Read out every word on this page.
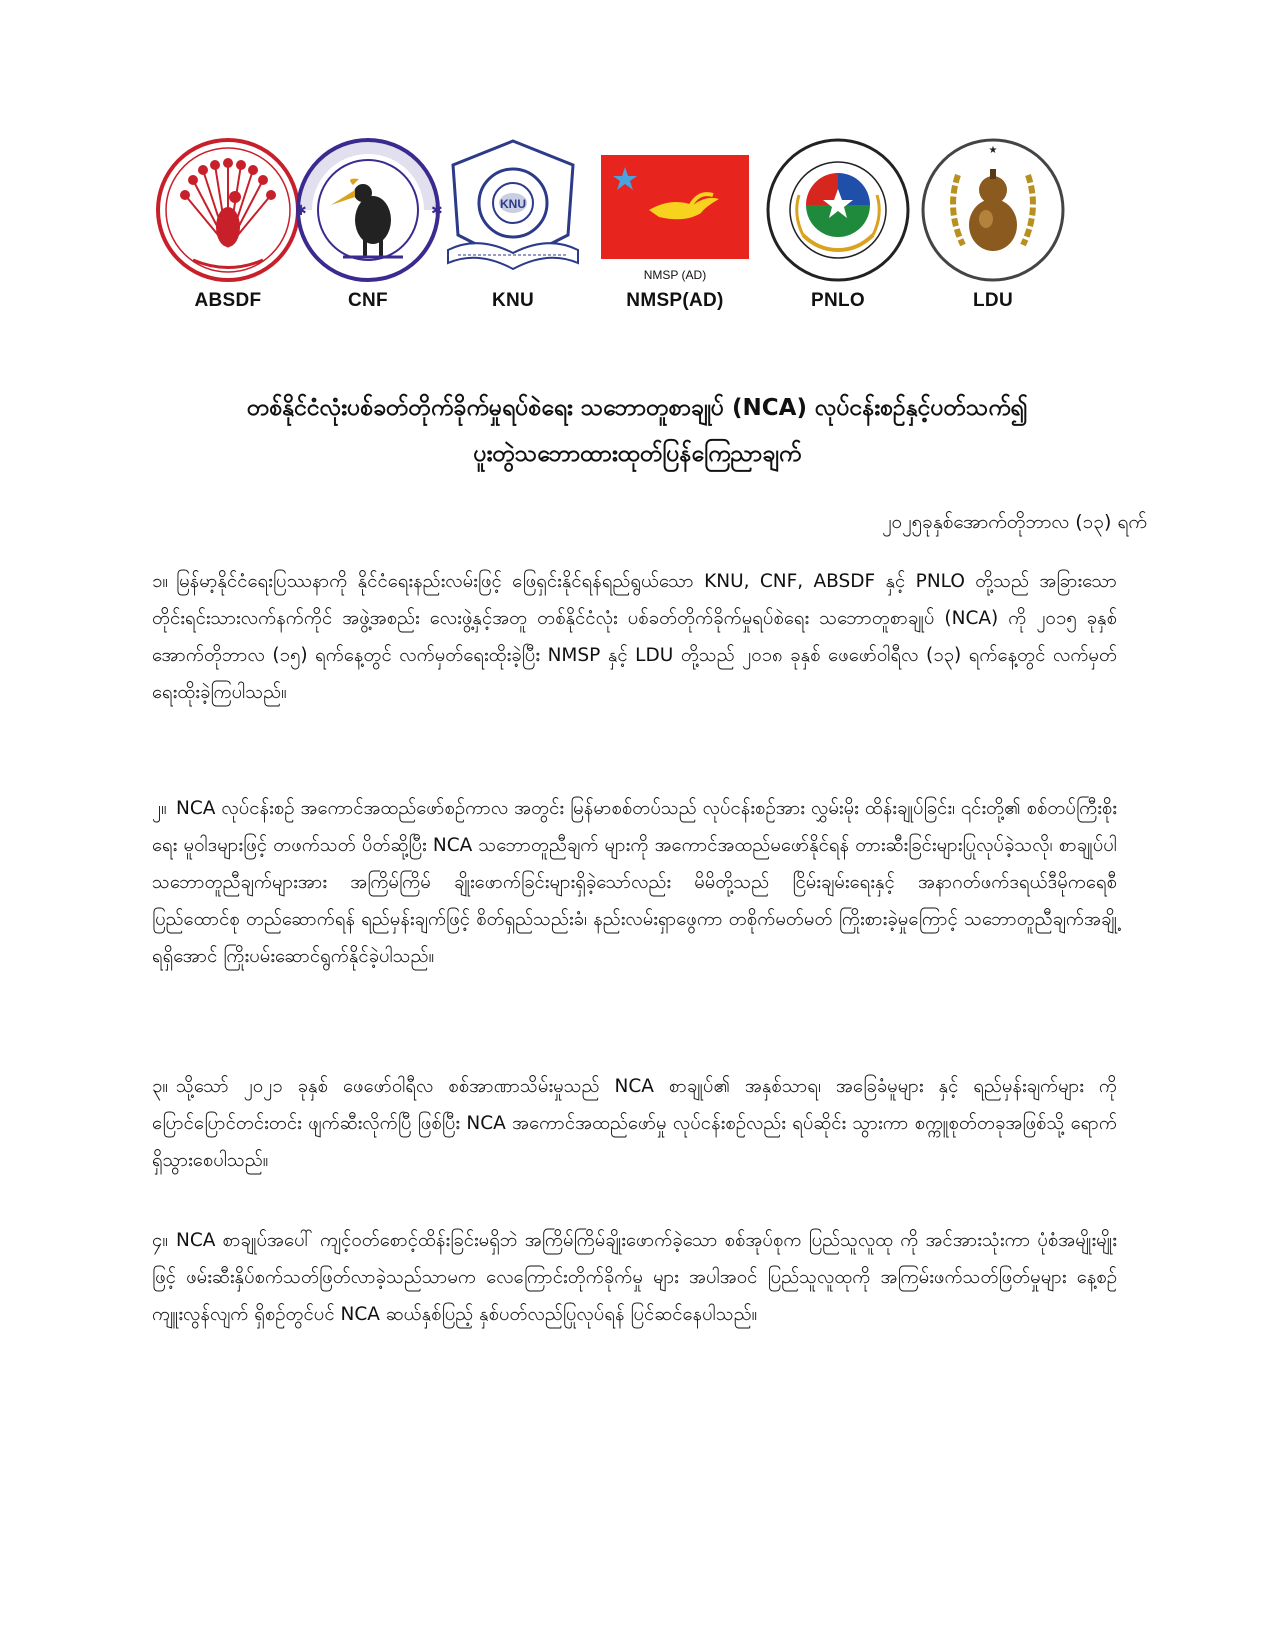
ABSDF
✱
✱
CNF
KNU
KNU
NMSP (AD)
NMSP(AD)	PNLO
★
LDU
တစ်နိုင်ငံလုံးပစ်ခတ်တိုက်ခိုက်မှုရပ်စဲရေး သဘောတူစာချုပ် (NCA) လုပ်ငန်းစဉ်နှင့်ပတ်သက်၍
ပူးတွဲသဘောထားထုတ်ပြန်ကြေညာချက်
၂၀၂၅ခုနှစ်အောက်တိုဘာလ (၁၃) ရက်
၁။ မြန်မာ့နိုင်ငံရေးပြဿနာကို နိုင်ငံရေးနည်းလမ်းဖြင့် ဖြေရှင်းနိုင်ရန်ရည်ရွယ်သော KNU, CNF, ABSDF နှင့် PNLO တို့သည် အခြားသော တိုင်းရင်းသားလက်နက်ကိုင် အဖွဲ့အစည်း လေးဖွဲ့နှင့်အတူ တစ်နိုင်ငံလုံး ပစ်ခတ်တိုက်ခိုက်မှုရပ်စဲရေး သဘောတူစာချုပ် (NCA) ကို ၂၀၁၅ ခုနှစ် အောက်တိုဘာလ (၁၅) ရက်နေ့တွင် လက်မှတ်ရေးထိုးခဲ့ပြီး NMSP နှင့် LDU တို့သည် ၂၀၁၈ ခုနှစ် ဖေဖော်ဝါရီလ (၁၃) ရက်နေ့တွင် လက်မှတ် ရေးထိုးခဲ့ကြပါသည်။
၂။ NCA လုပ်ငန်းစဉ် အကောင်အထည်ဖော်စဉ်ကာလ အတွင်း မြန်မာစစ်တပ်သည် လုပ်ငန်းစဉ်အား လွှမ်းမိုး ထိန်းချုပ်ခြင်း၊ ၎င်းတို့၏ စစ်တပ်ကြီးစိုးရေး မူဝါဒများဖြင့် တဖက်သတ် ပိတ်ဆို့ပြီး NCA သဘောတူညီချက် များကို အကောင်အထည်မဖော်နိုင်ရန် တားဆီးခြင်းများပြုလုပ်ခဲ့သလို၊ စာချုပ်ပါ သဘောတူညီချက်များအား အကြိမ်ကြိမ် ချိုးဖောက်ခြင်းများရှိခဲ့သော်လည်း မိမိတို့သည် ငြိမ်းချမ်းရေးနှင့် အနာဂတ်ဖက်ဒရယ်ဒီမိုကရေစီ ပြည်ထောင်စု တည်ဆောက်ရန် ရည်မှန်းချက်ဖြင့် စိတ်ရှည်သည်းခံ၊ နည်းလမ်းရှာဖွေကာ တစိုက်မတ်မတ် ကြိုးစားခဲ့မှုကြောင့် သဘောတူညီချက်အချို့ရရှိအောင် ကြိုးပမ်းဆောင်ရွက်နိုင်ခဲ့ပါသည်။
၃။ သို့သော် ၂၀၂၁ ခုနှစ် ဖေဖော်ဝါရီလ စစ်အာဏာသိမ်းမှုသည် NCA စာချုပ်၏ အနှစ်သာရ၊ အခြေခံမူများ နှင့် ရည်မှန်းချက်များ ကို ပြောင်ပြောင်တင်းတင်း ဖျက်ဆီးလိုက်ပြီ ဖြစ်ပြီး NCA အကောင်အထည်ဖော်မှု လုပ်ငန်းစဉ်လည်း ရပ်ဆိုင်း သွားကာ စက္ကူစုတ်တခုအဖြစ်သို့ ရောက်ရှိသွားစေပါသည်။
၄။ NCA စာချုပ်အပေါ် ကျင့်ဝတ်စောင့်ထိန်းခြင်းမရှိဘဲ အကြိမ်ကြိမ်ချိုးဖောက်ခဲ့သော စစ်အုပ်စုက ပြည်သူလူထု ကို အင်အားသုံးကာ ပုံစံအမျိုးမျိုးဖြင့် ဖမ်းဆီးနှိပ်စက်သတ်ဖြတ်လာခဲ့သည်သာမက လေကြောင်းတိုက်ခိုက်မှု များ အပါအဝင် ပြည်သူလူထုကို အကြမ်းဖက်သတ်ဖြတ်မှုများ နေ့စဉ်ကျူးလွန်လျက် ရှိစဉ်တွင်ပင် NCA ဆယ်နှစ်ပြည့် နှစ်ပတ်လည်ပြုလုပ်ရန် ပြင်ဆင်နေပါသည်။
